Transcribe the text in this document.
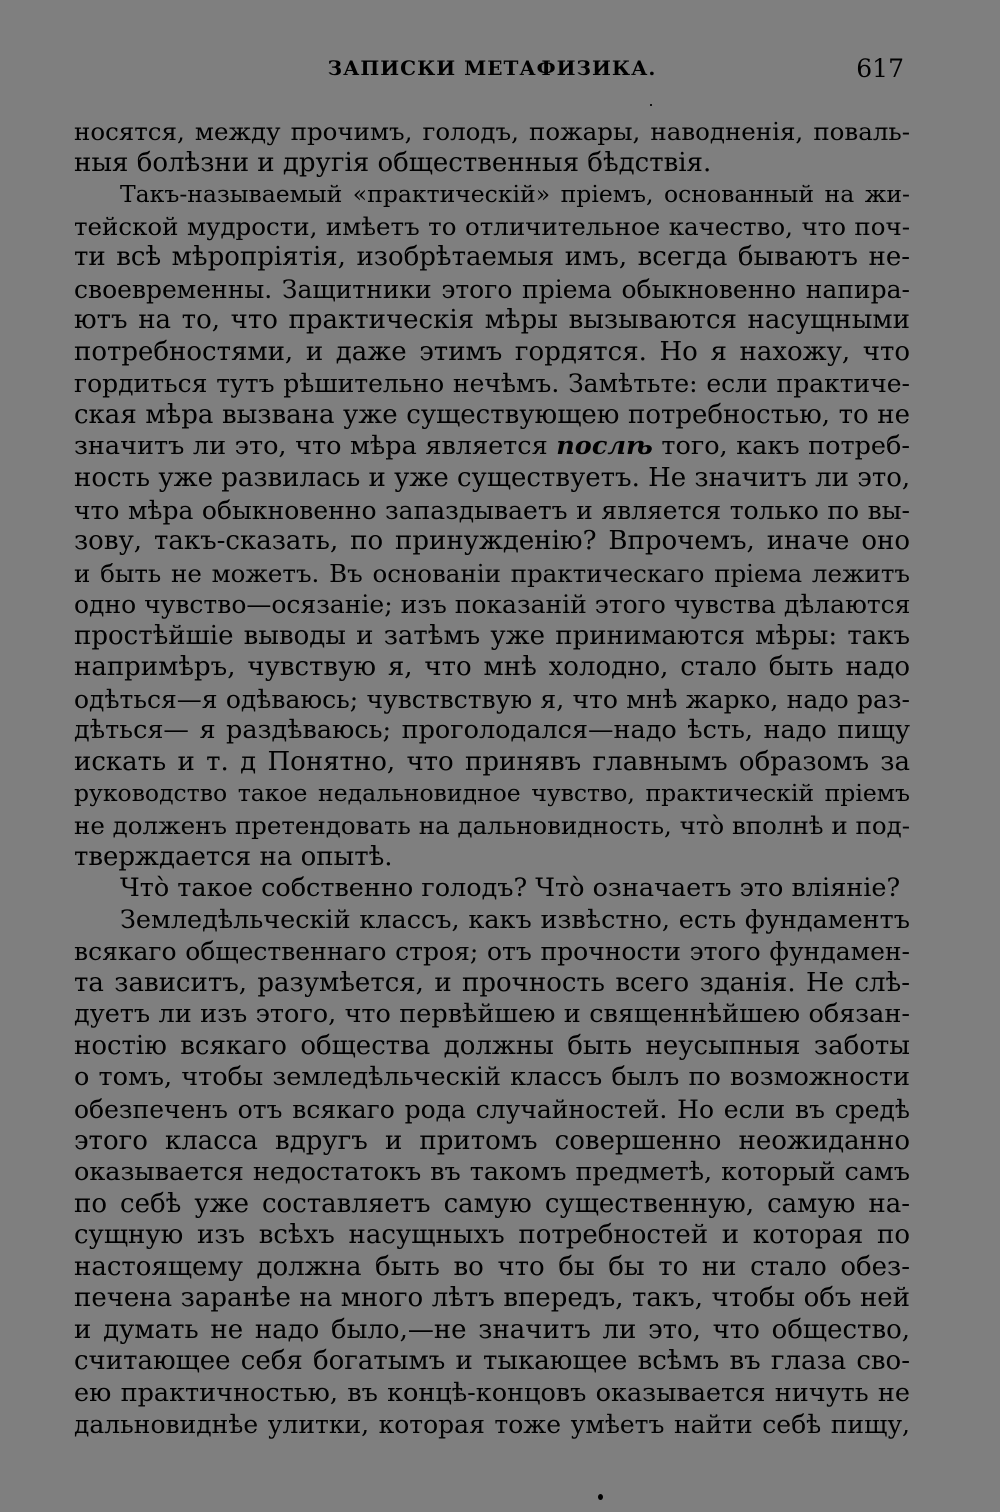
ЗАПИСКИ МЕТАФИЗИКА.	617
носятся, между прочимъ, голодъ, пожары, наводненія, поваль-
ныя болѣзни и другія общественныя бѣдствія.
Такъ-называемый «практическій» пріемъ, основанный на жи-
тейской мудрости, имѣетъ то отличительное качество, что поч-
ти всѣ мѣропріятія, изобрѣтаемыя имъ, всегда бываютъ не-
своевременны. Защитники этого пріема обыкновенно напира-
ютъ на то, что практическія мѣры вызываются насущными
потребностями, и даже этимъ гордятся. Но я нахожу, что
гордиться тутъ рѣшительно нечѣмъ. Замѣтьте: если практиче-
ская мѣра вызвана уже существующею потребностью, то не
значитъ ли это, что мѣра является послѣ того, какъ потреб-
ность уже развилась и уже существуетъ. Не значитъ ли это,
что мѣра обыкновенно запаздываетъ и является только по вы-
зову, такъ-сказать, по принужденію? Впрочемъ, иначе оно
и быть не можетъ. Въ основаніи практическаго пріема лежитъ
одно чувство—осязаніе; изъ показаній этого чувства дѣлаются
простѣйшіе выводы и затѣмъ уже принимаются мѣры: такъ
напримѣръ, чувствую я, что мнѣ холодно, стало быть надо
одѣться—я одѣваюсь; чувствствую я, что мнѣ жарко, надо раз-
дѣться— я раздѣваюсь; проголодался—надо ѣсть, надо пищу
искать и т. д Понятно, что принявъ главнымъ образомъ за
руководство такое недальновидное чувство, практическій пріемъ
не долженъ претендовать на дальновидность, что̀ вполнѣ и под-
тверждается на опытѣ.
Что̀ такое собственно голодъ? Что̀ означаетъ это вліяніе?
Земледѣльческій классъ, какъ извѣстно, есть фундаментъ
всякаго общественнаго строя; отъ прочности этого фундамен-
та зависитъ, разумѣется, и прочность всего зданія. Не слѣ-
дуетъ ли изъ этого, что первѣйшею и священнѣйшею обязан-
ностію всякаго общества должны быть неусыпныя заботы
о томъ, чтобы земледѣльческій классъ былъ по возможности
обезпеченъ отъ всякаго рода случайностей. Но если въ средѣ
этого класса вдругъ и притомъ совершенно неожиданно
оказывается недостатокъ въ такомъ предметѣ, который самъ
по себѣ уже составляетъ самую существенную, самую на-
сущную изъ всѣхъ насущныхъ потребностей и которая по
настоящему должна быть во что бы бы то ни стало обез-
печена заранѣе на много лѣтъ впередъ, такъ, чтобы объ ней
и думать не надо было,—не значитъ ли это, что общество,
считающее себя богатымъ и тыкающее всѣмъ въ глаза сво-
ею практичностью, въ концѣ-концовъ оказывается ничуть не
дальновиднѣе улитки, которая тоже умѣетъ найти себѣ пищу,
